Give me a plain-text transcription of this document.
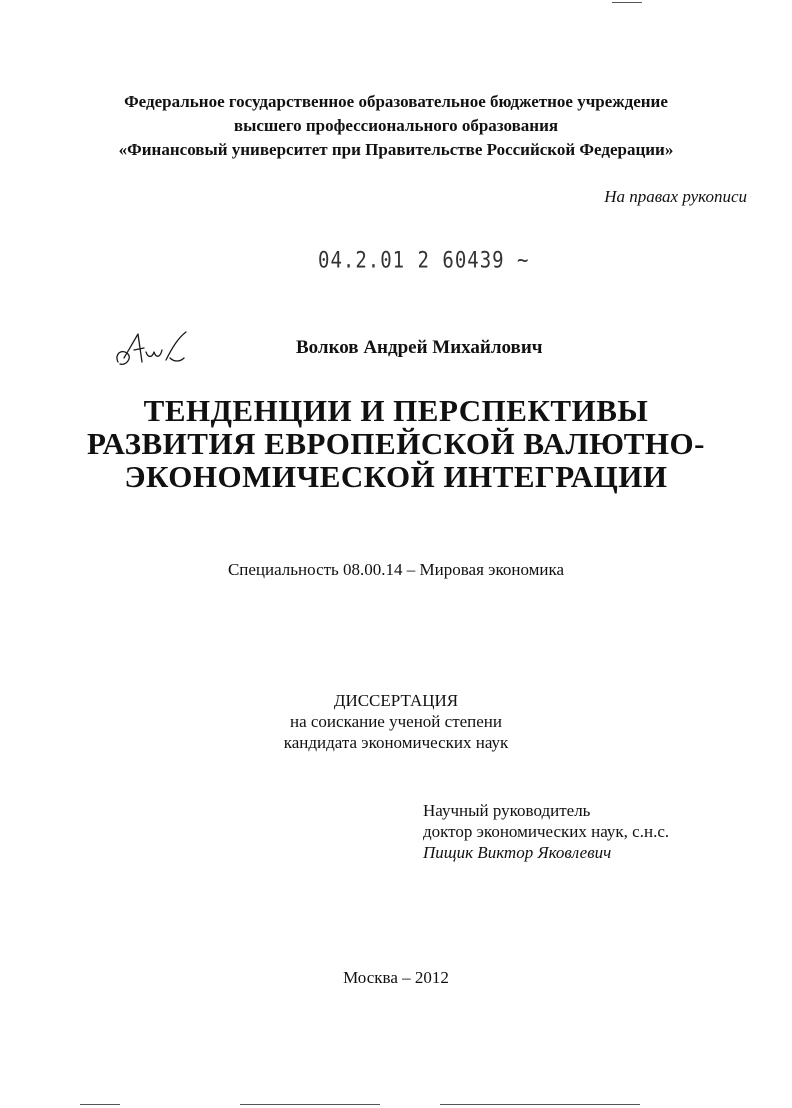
Федеральное государственное образовательное бюджетное учреждение
высшего профессионального образования
«Финансовый университет при Правительстве Российской Федерации»
На правах рукописи
04.2.01 2 60439 ~
Волков Андрей Михайлович
ТЕНДЕНЦИИ И ПЕРСПЕКТИВЫ
РАЗВИТИЯ ЕВРОПЕЙСКОЙ ВАЛЮТНО-
ЭКОНОМИЧЕСКОЙ ИНТЕГРАЦИИ
Специальность 08.00.14 – Мировая экономика
ДИССЕРТАЦИЯ
на соискание ученой степени
кандидата экономических наук
Научный руководитель
доктор экономических наук, с.н.с.
Пищик Виктор Яковлевич
Москва – 2012
